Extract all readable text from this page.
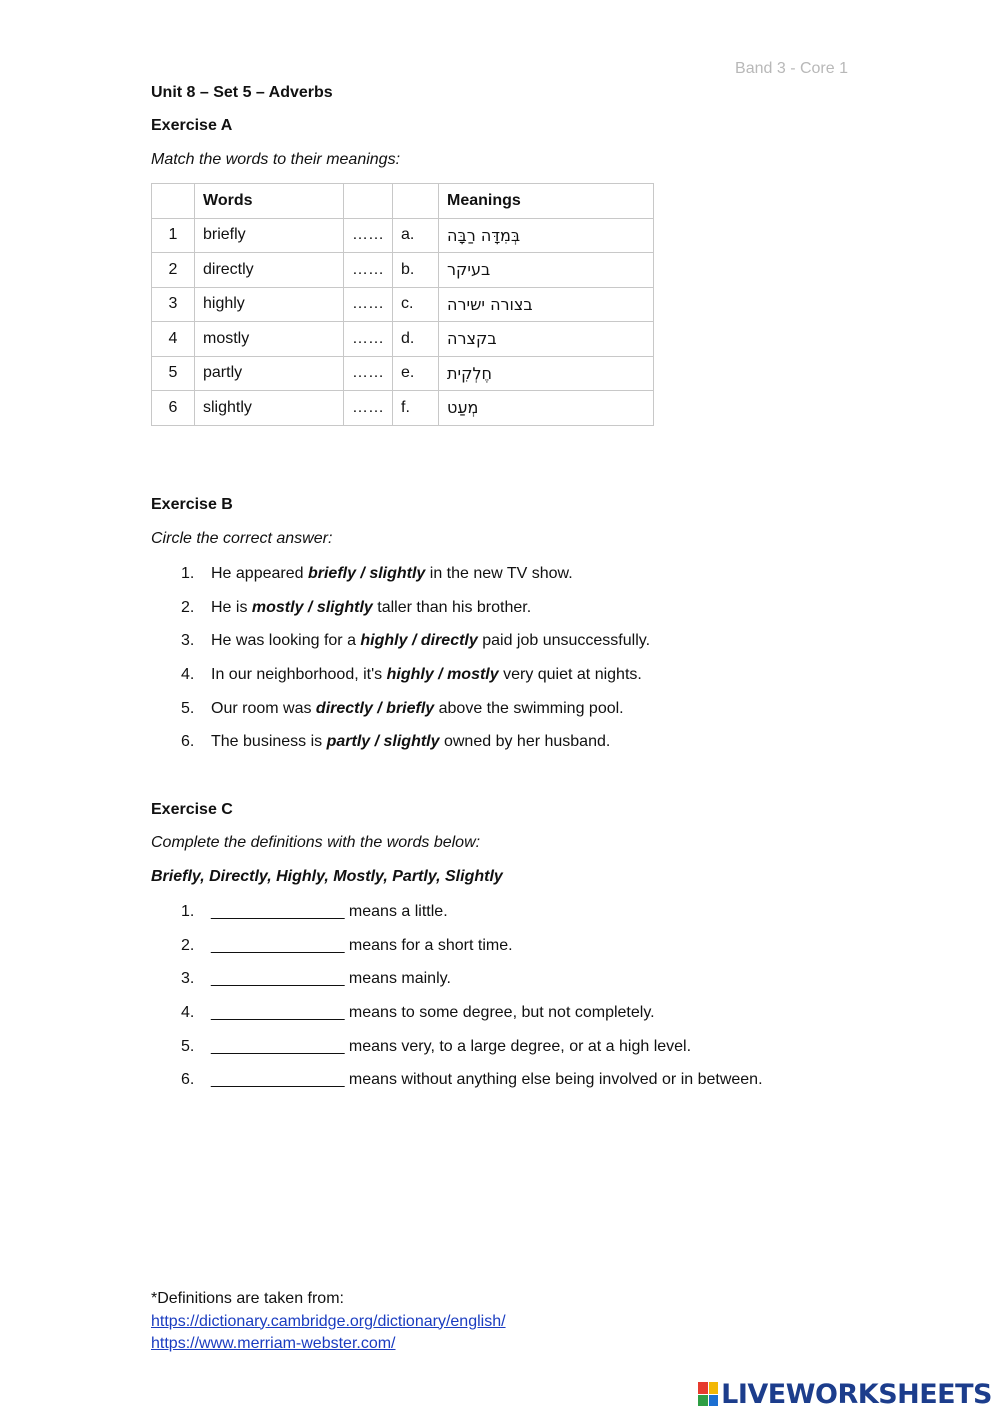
Band 3 - Core 1
Unit 8 – Set 5 – Adverbs
Exercise A
Match the words to their meanings:
	Words			Meanings
1	briefly	……	a.	בְּמִדָּה רַבָּה
2	directly	……	b.	בעיקר
3	highly	……	c.	בצורה ישירה
4	mostly	……	d.	בקצרה
5	partly	……	e.	חֶלְקִית
6	slightly	……	f.	מְעַט
Exercise B
Circle the correct answer:
1.	He appeared briefly / slightly in the new TV show.
2.	He is mostly / slightly taller than his brother.
3.	He was looking for a highly / directly paid job unsuccessfully.
4.	In our neighborhood, it's highly / mostly very quiet at nights.
5.	Our room was directly / briefly above the swimming pool.
6.	The business is partly / slightly owned by her husband.
Exercise C
Complete the definitions with the words below:
Briefly, Directly, Highly, Mostly, Partly, Slightly
1.	_______________ means a little.
2.	_______________ means for a short time.
3.	_______________ means mainly.
4.	_______________ means to some degree, but not completely.
5.	_______________ means very, to a large degree, or at a high level.
6.	_______________ means without anything else being involved or in between.
*Definitions are taken from:
https://dictionary.cambridge.org/dictionary/english/
https://www.merriam-webster.com/
LIVEWORKSHEETS
